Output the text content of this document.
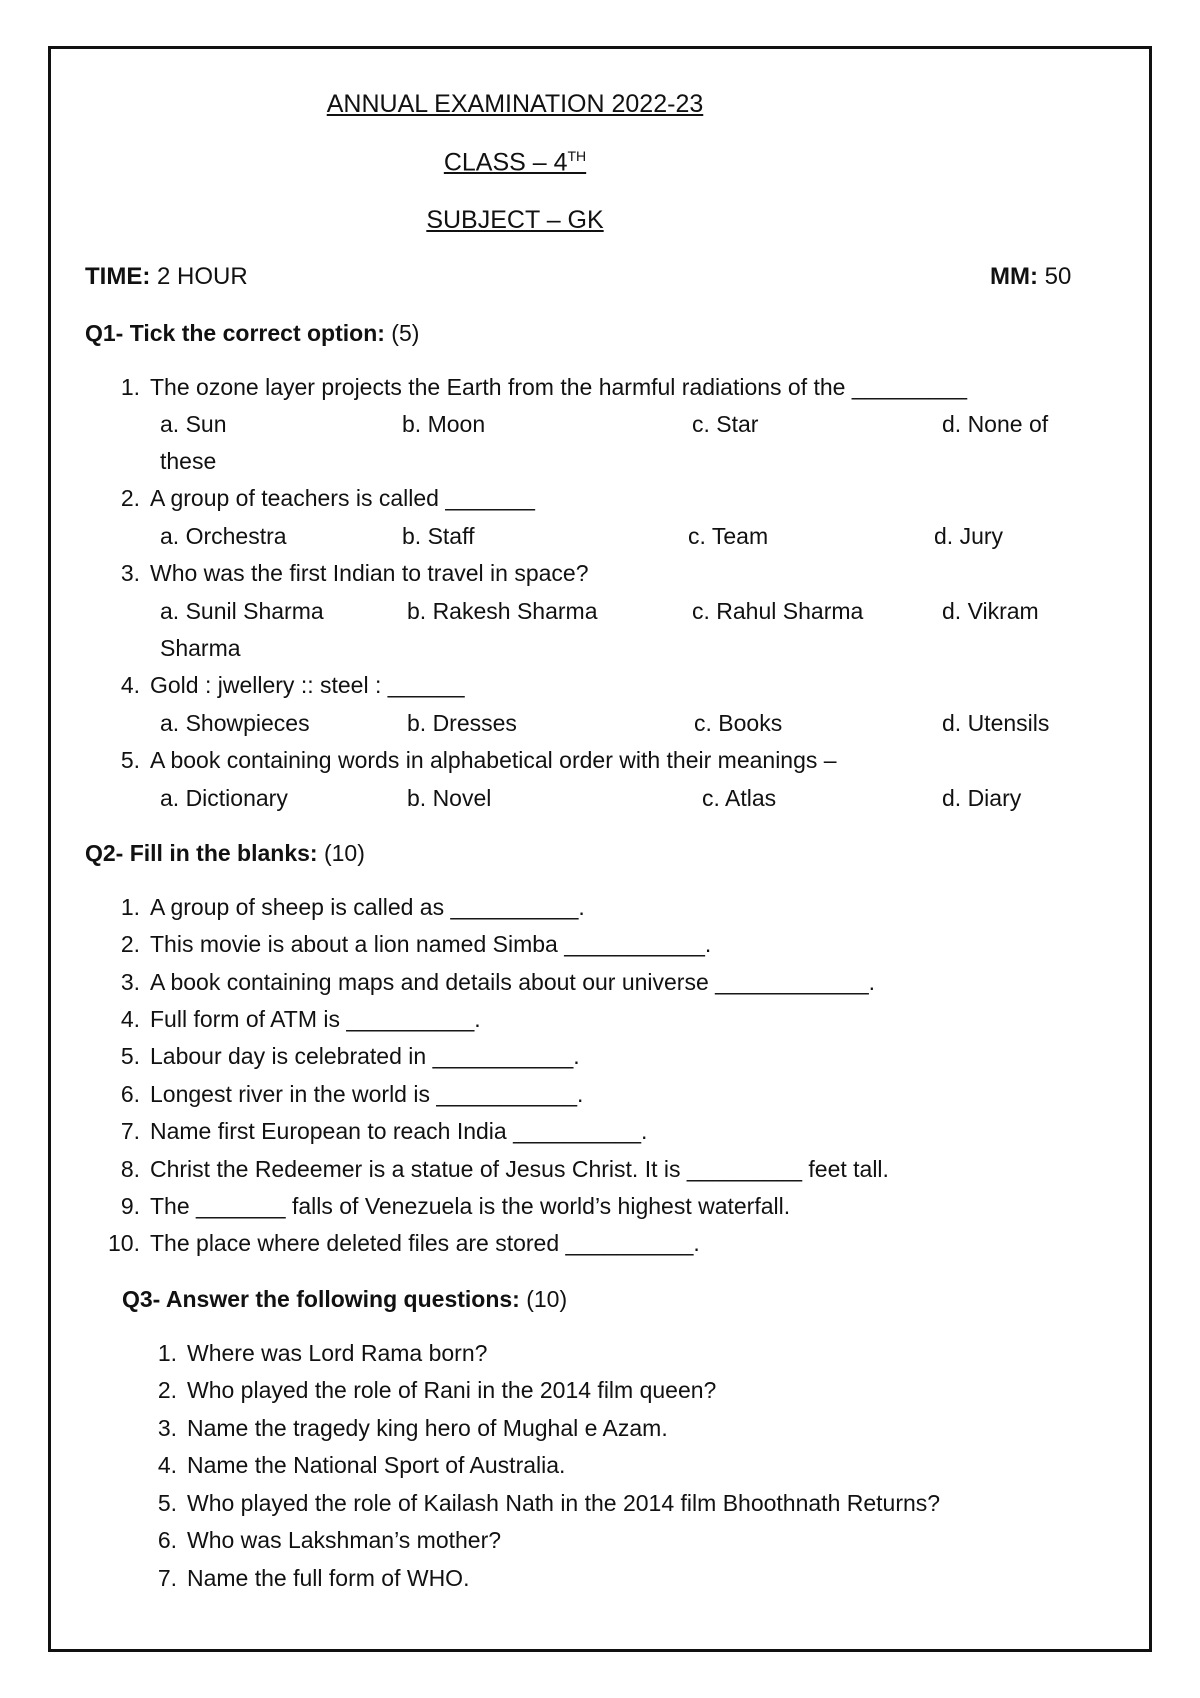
ANNUAL EXAMINATION 2022-23
CLASS – 4TH
SUBJECT – GK
TIME: 2 HOUR	MM: 50
Q1- Tick the correct option: (5)
1. The ozone layer projects the Earth from the harmful radiations of the _________
a. Sun	b. Moon	c. Star	d. None of
these
2. A group of teachers is called _______
a. Orchestra	b. Staff	c. Team	d. Jury
3. Who was the first Indian to travel in space?
a. Sunil Sharma	b. Rakesh Sharma	c. Rahul Sharma	d. Vikram
Sharma
4. Gold : jwellery :: steel : ______
a. Showpieces	b. Dresses	c. Books	d. Utensils
5. A book containing words in alphabetical order with their meanings –
a. Dictionary	b. Novel	c. Atlas	d. Diary
Q2- Fill in the blanks: (10)
1. A group of sheep is called as __________.
2. This movie is about a lion named Simba ___________.
3. A book containing maps and details about our universe ____________.
4. Full form of ATM is __________.
5. Labour day is celebrated in ___________.
6. Longest river in the world is ___________.
7. Name first European to reach India __________.
8. Christ the Redeemer is a statue of Jesus Christ. It is _________ feet tall.
9. The _______ falls of Venezuela is the world’s highest waterfall.
10. The place where deleted files are stored __________.
Q3- Answer the following questions: (10)
1. Where was Lord Rama born?
2. Who played the role of Rani in the 2014 film queen?
3. Name the tragedy king hero of Mughal e Azam.
4. Name the National Sport of Australia.
5. Who played the role of Kailash Nath in the 2014 film Bhoothnath Returns?
6. Who was Lakshman’s mother?
7. Name the full form of WHO.
